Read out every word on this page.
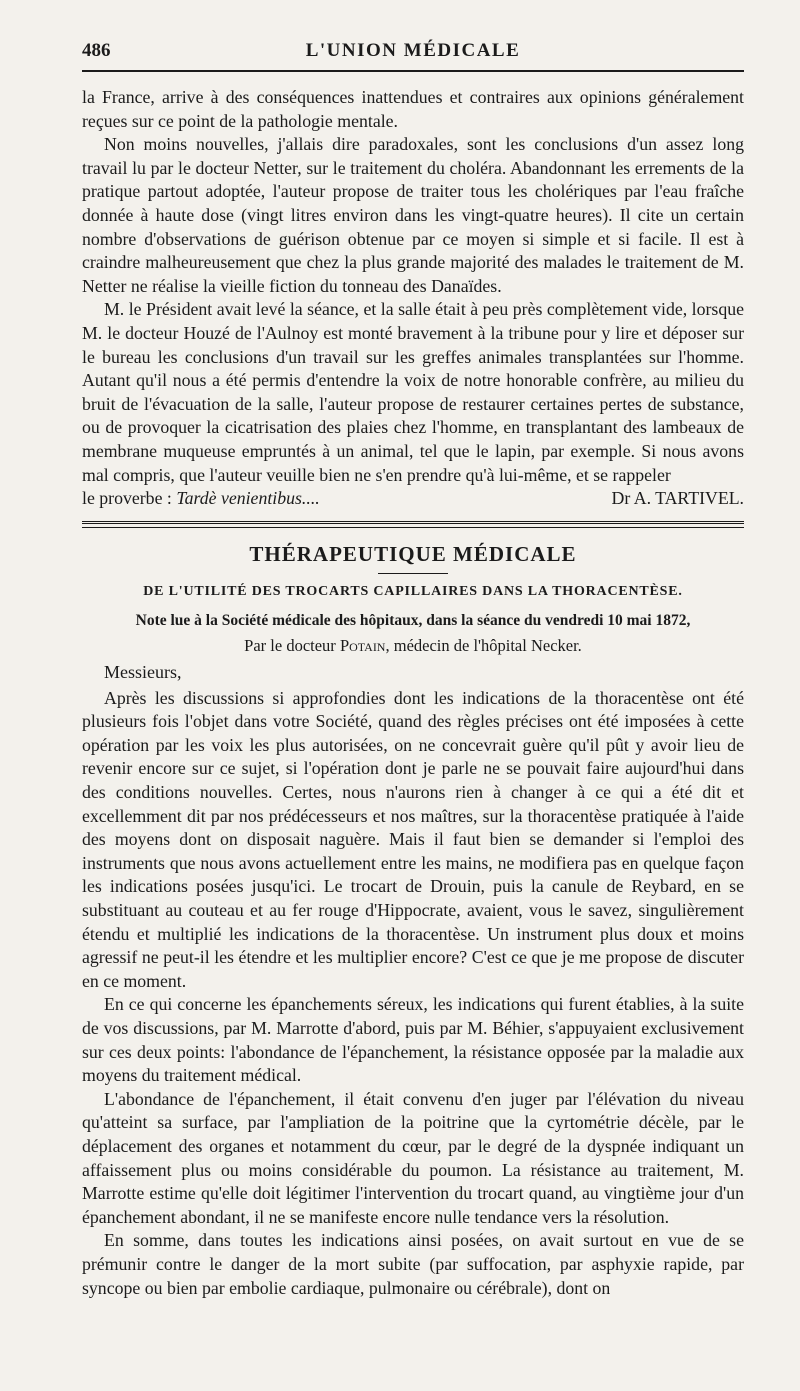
486	L'UNION MÉDICALE

la France, arrive à des conséquences inattendues et contraires aux opinions généralement reçues sur ce point de la pathologie mentale.

Non moins nouvelles, j'allais dire paradoxales, sont les conclusions d'un assez long travail lu par le docteur Netter, sur le traitement du choléra. Abandonnant les errements de la pratique partout adoptée, l'auteur propose de traiter tous les cholériques par l'eau fraîche donnée à haute dose (vingt litres environ dans les vingt-quatre heures). Il cite un certain nombre d'observations de guérison obtenue par ce moyen si simple et si facile. Il est à craindre malheureusement que chez la plus grande majorité des malades le traitement de M. Netter ne réalise la vieille fiction du tonneau des Danaïdes.

M. le Président avait levé la séance, et la salle était à peu près complètement vide, lorsque M. le docteur Houzé de l'Aulnoy est monté bravement à la tribune pour y lire et déposer sur le bureau les conclusions d'un travail sur les greffes animales transplantées sur l'homme. Autant qu'il nous a été permis d'entendre la voix de notre honorable confrère, au milieu du bruit de l'évacuation de la salle, l'auteur propose de restaurer certaines pertes de substance, ou de provoquer la cicatrisation des plaies chez l'homme, en transplantant des lambeaux de membrane muqueuse empruntés à un animal, tel que le lapin, par exemple. Si nous avons mal compris, que l'auteur veuille bien ne s'en prendre qu'à lui-même, et se rappeler

le proverbe : Tardè venientibus....	Dr A. TARTIVEL.
THÉRAPEUTIQUE MÉDICALE
DE L'UTILITÉ DES TROCARTS CAPILLAIRES DANS LA THORACENTÈSE.
Note lue à la Société médicale des hôpitaux, dans la séance du vendredi 10 mai 1872,
Par le docteur Potain, médecin de l'hôpital Necker.
Messieurs,

Après les discussions si approfondies dont les indications de la thoracentèse ont été plusieurs fois l'objet dans votre Société, quand des règles précises ont été imposées à cette opération par les voix les plus autorisées, on ne concevrait guère qu'il pût y avoir lieu de revenir encore sur ce sujet, si l'opération dont je parle ne se pouvait faire aujourd'hui dans des conditions nouvelles. Certes, nous n'aurons rien à changer à ce qui a été dit et excellemment dit par nos prédécesseurs et nos maîtres, sur la thoracentèse pratiquée à l'aide des moyens dont on disposait naguère. Mais il faut bien se demander si l'emploi des instruments que nous avons actuellement entre les mains, ne modifiera pas en quelque façon les indications posées jusqu'ici. Le trocart de Drouin, puis la canule de Reybard, en se substituant au couteau et au fer rouge d'Hippocrate, avaient, vous le savez, singulièrement étendu et multiplié les indications de la thoracentèse. Un instrument plus doux et moins agressif ne peut-il les étendre et les multiplier encore? C'est ce que je me propose de discuter en ce moment.

En ce qui concerne les épanchements séreux, les indications qui furent établies, à la suite de vos discussions, par M. Marrotte d'abord, puis par M. Béhier, s'appuyaient exclusivement sur ces deux points: l'abondance de l'épanchement, la résistance opposée par la maladie aux moyens du traitement médical.

L'abondance de l'épanchement, il était convenu d'en juger par l'élévation du niveau qu'atteint sa surface, par l'ampliation de la poitrine que la cyrtométrie décèle, par le déplacement des organes et notamment du cœur, par le degré de la dyspnée indiquant un affaissement plus ou moins considérable du poumon. La résistance au traitement, M. Marrotte estime qu'elle doit légitimer l'intervention du trocart quand, au vingtième jour d'un épanchement abondant, il ne se manifeste encore nulle tendance vers la résolution.

En somme, dans toutes les indications ainsi posées, on avait surtout en vue de se prémunir contre le danger de la mort subite (par suffocation, par asphyxie rapide, par syncope ou bien par embolie cardiaque, pulmonaire ou cérébrale), dont on
